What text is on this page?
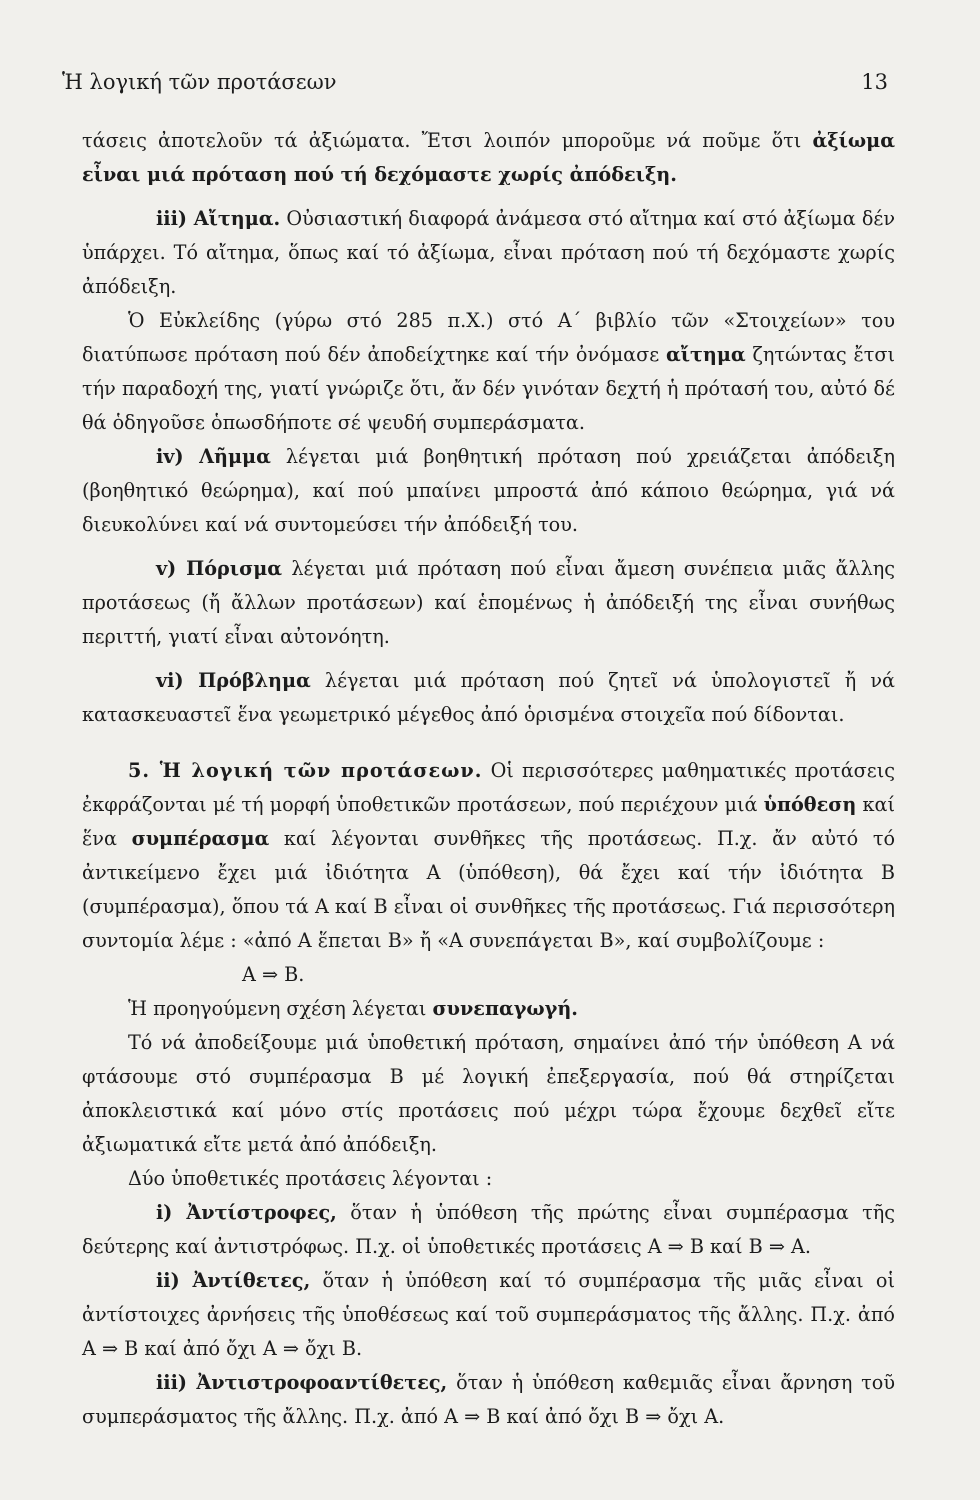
Ἡ λογική τῶν προτάσεων	13

τάσεις ἀποτελοῦν τά ἀξιώματα. Ἔτσι λοιπόν μποροῦμε νά ποῦμε ὅτι ἀξίωμα εἶναι μιά πρόταση πού τή δεχόμαστε χωρίς ἀπόδειξη.

iii) Αἴτημα. Οὐσιαστική διαφορά ἀνάμεσα στό αἴτημα καί στό ἀξίωμα δέν ὑπάρχει. Τό αἴτημα, ὅπως καί τό ἀξίωμα, εἶναι πρόταση πού τή δεχόμαστε χωρίς ἀπόδειξη.

Ὁ Εὐκλείδης (γύρω στό 285 π.Χ.) στό Α΄ βιβλίο τῶν «Στοιχείων» του διατύπωσε πρόταση πού δέν ἀποδείχτηκε καί τήν ὀνόμασε αἴτημα ζητώντας ἔτσι τήν παραδοχή της, γιατί γνώριζε ὅτι, ἄν δέν γινόταν δεχτή ἡ πρότασή του, αὐτό δέ θά ὁδηγοῦσε ὁπωσδήποτε σέ ψευδή συμπεράσματα.

iv) Λῆμμα λέγεται μιά βοηθητική πρόταση πού χρειάζεται ἀπόδειξη (βοηθητικό θεώρημα), καί πού μπαίνει μπροστά ἀπό κάποιο θεώρημα, γιά νά διευκολύνει καί νά συντομεύσει τήν ἀπόδειξή του.

v) Πόρισμα λέγεται μιά πρόταση πού εἶναι ἄμεση συνέπεια μιᾶς ἄλλης προτάσεως (ἤ ἄλλων προτάσεων) καί ἑπομένως ἡ ἀπόδειξή της εἶναι συνήθως περιττή, γιατί εἶναι αὐτονόητη.

vi) Πρόβλημα λέγεται μιά πρόταση πού ζητεῖ νά ὑπολογιστεῖ ἤ νά κατασκευαστεῖ ἕνα γεωμετρικό μέγεθος ἀπό ὁρισμένα στοιχεῖα πού δίδονται.

5. Ἡ λογική τῶν προτάσεων. Οἱ περισσότερες μαθηματικές προτάσεις ἐκφράζονται μέ τή μορφή ὑποθετικῶν προτάσεων, πού περιέχουν μιά ὑπόθεση καί ἕνα συμπέρασμα καί λέγονται συνθῆκες τῆς προτάσεως. Π.χ. ἄν αὐτό τό ἀντικείμενο ἔχει μιά ἰδιότητα Α (ὑπόθεση), θά ἔχει καί τήν ἰδιότητα Β (συμπέρασμα), ὅπου τά Α καί Β εἶναι οἱ συνθῆκες τῆς προτάσεως. Γιά περισσότερη συντομία λέμε : «ἀπό Α ἕπεται Β» ἤ «Α συνεπάγεται Β», καί συμβολίζουμε :

Α ⇒ Β.

Ἡ προηγούμενη σχέση λέγεται συνεπαγωγή.

Τό νά ἀποδείξουμε μιά ὑποθετική πρόταση, σημαίνει ἀπό τήν ὑπόθεση Α νά φτάσουμε στό συμπέρασμα Β μέ λογική ἐπεξεργασία, πού θά στηρίζεται ἀποκλειστικά καί μόνο στίς προτάσεις πού μέχρι τώρα ἔχουμε δεχθεῖ εἴτε ἀξιωματικά εἴτε μετά ἀπό ἀπόδειξη.

Δύο ὑποθετικές προτάσεις λέγονται :

i) Ἀντίστροφες, ὅταν ἡ ὑπόθεση τῆς πρώτης εἶναι συμπέρασμα τῆς δεύτερης καί ἀντιστρόφως. Π.χ. οἱ ὑποθετικές προτάσεις Α ⇒ Β καί Β ⇒ Α.

ii) Ἀντίθετες, ὅταν ἡ ὑπόθεση καί τό συμπέρασμα τῆς μιᾶς εἶναι οἱ ἀντίστοιχες ἀρνήσεις τῆς ὑποθέσεως καί τοῦ συμπεράσματος τῆς ἄλλης. Π.χ. ἀπό Α ⇒ Β καί ἀπό ὄχι Α ⇒ ὄχι Β.

iii) Ἀντιστροφοαντίθετες, ὅταν ἡ ὑπόθεση καθεμιᾶς εἶναι ἄρνηση τοῦ συμπεράσματος τῆς ἄλλης. Π.χ. ἀπό Α ⇒ Β καί ἀπό ὄχι Β ⇒ ὄχι Α.
